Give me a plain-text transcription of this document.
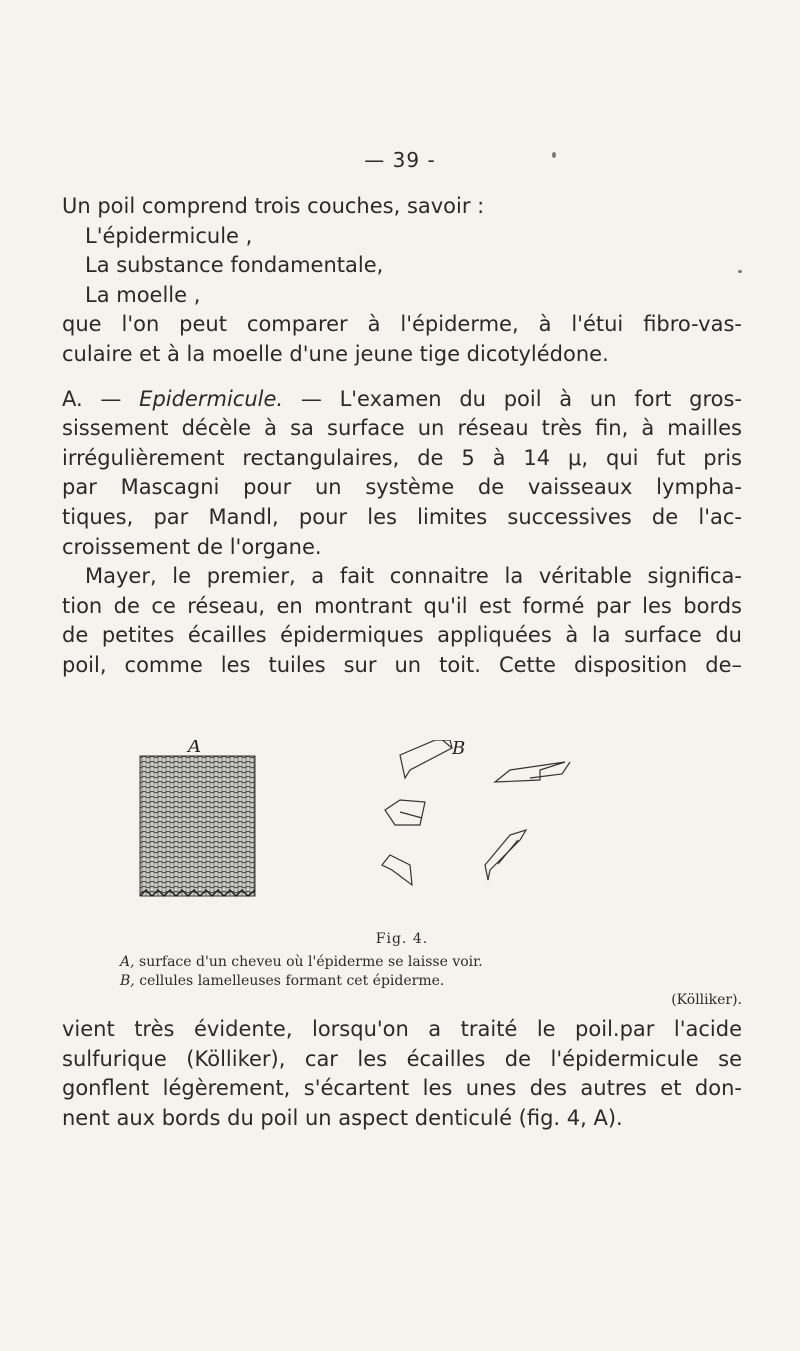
— 39 -
Un poil comprend trois couches, savoir :
L'épidermicule ,
La substance fondamentale,
La moelle ,
que l'on peut comparer à l'épiderme, à l'étui fibro-vas-
culaire et à la moelle d'une jeune tige dicotylédone.
A. — Epidermicule. — L'examen du poil à un fort gros-
sissement décèle à sa surface un réseau très fin, à mailles
irrégulièrement rectangulaires, de 5 à 14 μ, qui fut pris
par Mascagni pour un système de vaisseaux lympha-
tiques, par Mandl, pour les limites successives de l'ac-
croissement de l'organe.
Mayer, le premier, a fait connaitre la véritable significa-
tion de ce réseau, en montrant qu'il est formé par les bords
de petites écailles épidermiques appliquées à la surface du
poil, comme les tuiles sur un toit. Cette disposition de–
A	B
Fig. 4.
A, surface d'un cheveu où l'épiderme se laisse voir.
B, cellules lamelleuses formant cet épiderme.
(Kölliker).
vient très évidente, lorsqu'on a traité le poil.par l'acide
sulfurique (Kölliker), car les écailles de l'épidermicule se
gonflent légèrement, s'écartent les unes des autres et don-
nent aux bords du poil un aspect denticulé (fig. 4, A).
